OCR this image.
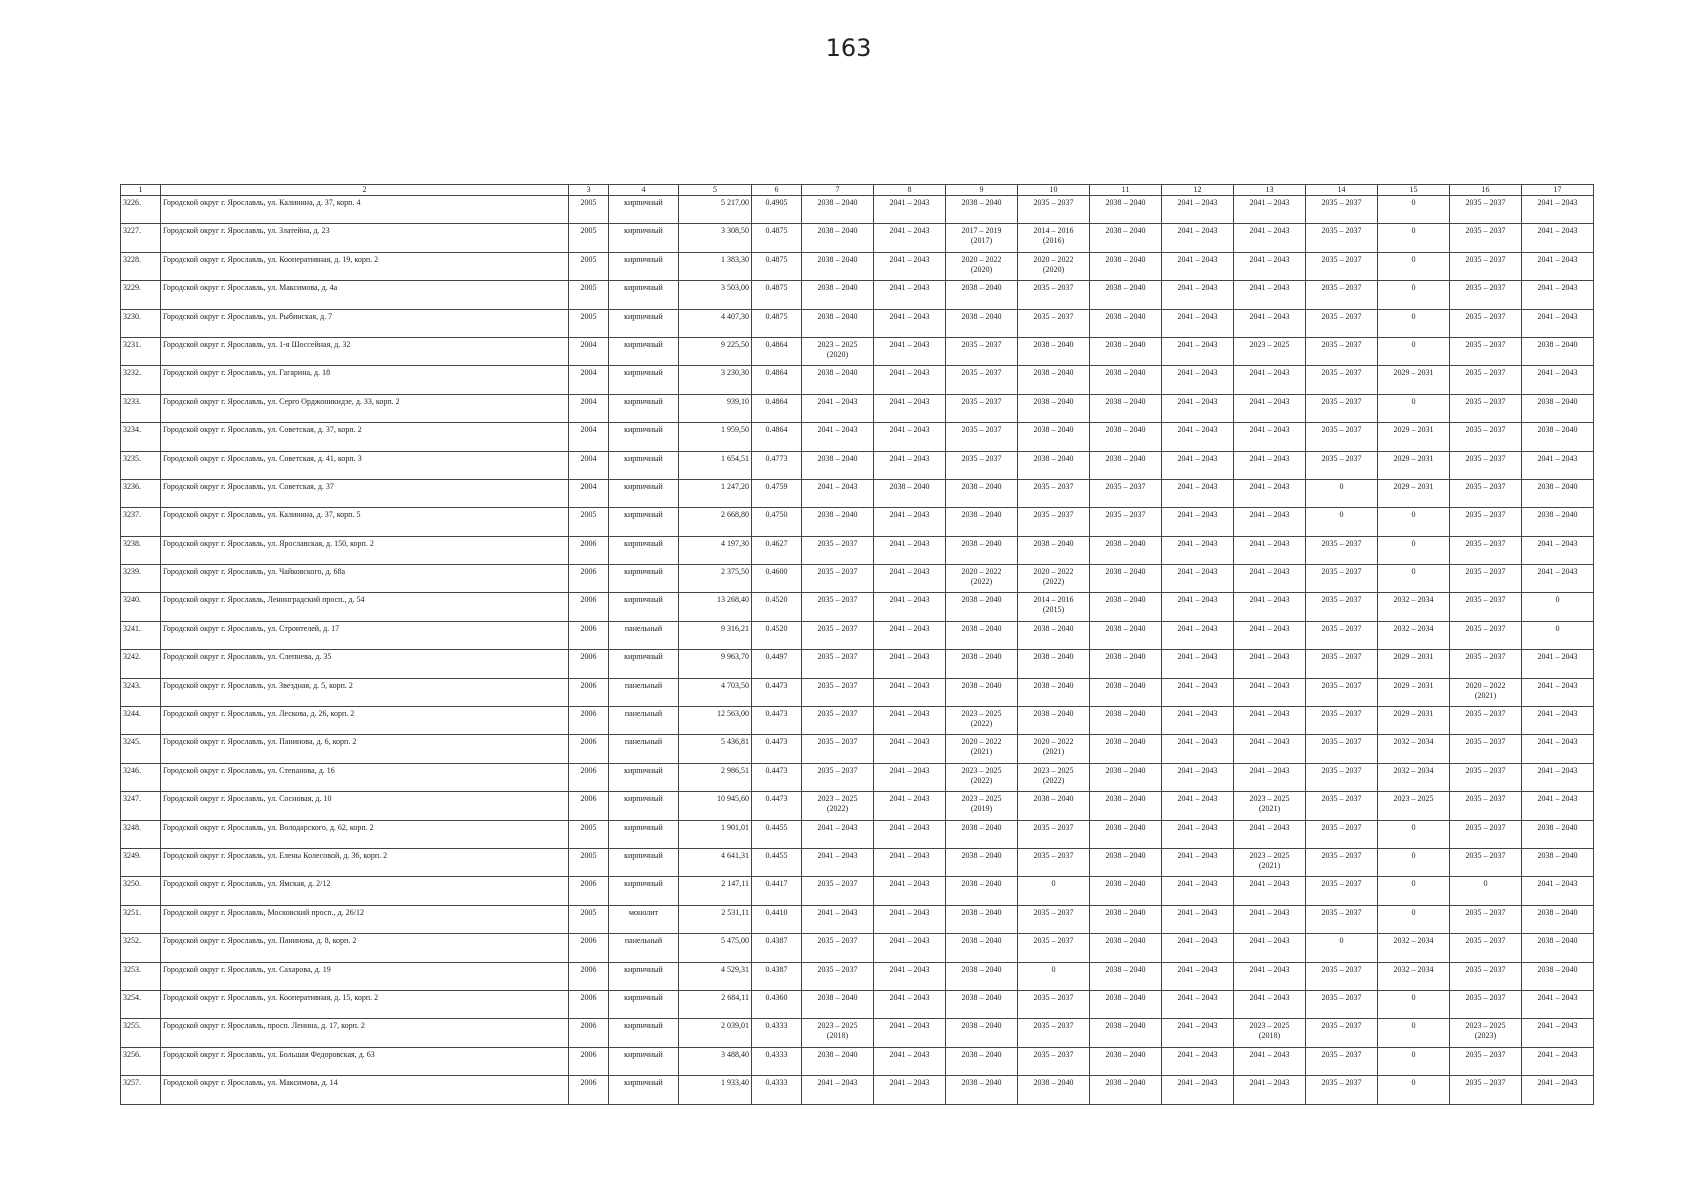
163
1	2	3	4	5	6	7	8	9	10	11	12	13	14	15	16	17
3226.	Городской округ г. Ярославль, ул. Калинина, д. 37, корп. 4	2005	кирпичный	5 217,00	0.4905	2038 – 2040	2041 – 2043	2038 – 2040	2035 – 2037	2038 – 2040	2041 – 2043	2041 – 2043	2035 – 2037	0	2035 – 2037	2041 – 2043
3227.	Городской округ г. Ярославль, ул. Златейна, д. 23	2005	кирпичный	3 308,50	0.4875	2038 – 2040	2041 – 2043	2017 – 2019
(2017)	2014 – 2016
(2016)	2038 – 2040	2041 – 2043	2041 – 2043	2035 – 2037	0	2035 – 2037	2041 – 2043
3228.	Городской округ г. Ярославль, ул. Кооперативная, д. 19, корп. 2	2005	кирпичный	1 383,30	0.4875	2038 – 2040	2041 – 2043	2020 – 2022
(2020)	2020 – 2022
(2020)	2038 – 2040	2041 – 2043	2041 – 2043	2035 – 2037	0	2035 – 2037	2041 – 2043
3229.	Городской округ г. Ярославль, ул. Максимова, д. 4а	2005	кирпичный	3 503,00	0.4875	2038 – 2040	2041 – 2043	2038 – 2040	2035 – 2037	2038 – 2040	2041 – 2043	2041 – 2043	2035 – 2037	0	2035 – 2037	2041 – 2043
3230.	Городской округ г. Ярославль, ул. Рыбинская, д. 7	2005	кирпичный	4 407,30	0.4875	2038 – 2040	2041 – 2043	2038 – 2040	2035 – 2037	2038 – 2040	2041 – 2043	2041 – 2043	2035 – 2037	0	2035 – 2037	2041 – 2043
3231.	Городской округ г. Ярославль, ул. 1-я Шоссейная, д. 32	2004	кирпичный	9 225,50	0.4864	2023 – 2025
(2020)	2041 – 2043	2035 – 2037	2038 – 2040	2038 – 2040	2041 – 2043	2023 – 2025	2035 – 2037	0	2035 – 2037	2038 – 2040
3232.	Городской округ г. Ярославль, ул. Гагарина, д. 18	2004	кирпичный	3 230,30	0.4864	2038 – 2040	2041 – 2043	2035 – 2037	2038 – 2040	2038 – 2040	2041 – 2043	2041 – 2043	2035 – 2037	2029 – 2031	2035 – 2037	2041 – 2043
3233.	Городской округ г. Ярославль, ул. Серго Орджоникидзе, д. 33, корп. 2	2004	кирпичный	939,10	0.4864	2041 – 2043	2041 – 2043	2035 – 2037	2038 – 2040	2038 – 2040	2041 – 2043	2041 – 2043	2035 – 2037	0	2035 – 2037	2038 – 2040
3234.	Городской округ г. Ярославль, ул. Советская, д. 37, корп. 2	2004	кирпичный	1 959,50	0.4864	2041 – 2043	2041 – 2043	2035 – 2037	2038 – 2040	2038 – 2040	2041 – 2043	2041 – 2043	2035 – 2037	2029 – 2031	2035 – 2037	2038 – 2040
3235.	Городской округ г. Ярославль, ул. Советская, д. 41, корп. 3	2004	кирпичный	1 654,51	0.4773	2038 – 2040	2041 – 2043	2035 – 2037	2038 – 2040	2038 – 2040	2041 – 2043	2041 – 2043	2035 – 2037	2029 – 2031	2035 – 2037	2041 – 2043
3236.	Городской округ г. Ярославль, ул. Советская, д. 37	2004	кирпичный	1 247,20	0.4759	2041 – 2043	2038 – 2040	2038 – 2040	2035 – 2037	2035 – 2037	2041 – 2043	2041 – 2043	0	2029 – 2031	2035 – 2037	2038 – 2040
3237.	Городской округ г. Ярославль, ул. Калинина, д. 37, корп. 5	2005	кирпичный	2 668,80	0.4750	2038 – 2040	2041 – 2043	2038 – 2040	2035 – 2037	2035 – 2037	2041 – 2043	2041 – 2043	0	0	2035 – 2037	2038 – 2040
3238.	Городской округ г. Ярославль, ул. Ярославская, д. 150, корп. 2	2006	кирпичный	4 197,30	0.4627	2035 – 2037	2041 – 2043	2038 – 2040	2038 – 2040	2038 – 2040	2041 – 2043	2041 – 2043	2035 – 2037	0	2035 – 2037	2041 – 2043
3239.	Городской округ г. Ярославль, ул. Чайковского, д. 68а	2006	кирпичный	2 375,50	0.4600	2035 – 2037	2041 – 2043	2020 – 2022
(2022)	2020 – 2022
(2022)	2038 – 2040	2041 – 2043	2041 – 2043	2035 – 2037	0	2035 – 2037	2041 – 2043
3240.	Городской округ г. Ярославль, Ленинградский просп., д. 54	2006	кирпичный	13 268,40	0.4520	2035 – 2037	2041 – 2043	2038 – 2040	2014 – 2016
(2015)	2038 – 2040	2041 – 2043	2041 – 2043	2035 – 2037	2032 – 2034	2035 – 2037	0
3241.	Городской округ г. Ярославль, ул. Строителей, д. 17	2006	панельный	9 316,21	0.4520	2035 – 2037	2041 – 2043	2038 – 2040	2038 – 2040	2038 – 2040	2041 – 2043	2041 – 2043	2035 – 2037	2032 – 2034	2035 – 2037	0
3242.	Городской округ г. Ярославль, ул. Слепнева, д. 35	2006	кирпичный	9 963,70	0.4497	2035 – 2037	2041 – 2043	2038 – 2040	2038 – 2040	2038 – 2040	2041 – 2043	2041 – 2043	2035 – 2037	2029 – 2031	2035 – 2037	2041 – 2043
3243.	Городской округ г. Ярославль, ул. Звездная, д. 5, корп. 2	2006	панельный	4 703,50	0.4473	2035 – 2037	2041 – 2043	2038 – 2040	2038 – 2040	2038 – 2040	2041 – 2043	2041 – 2043	2035 – 2037	2029 – 2031	2020 – 2022
(2021)	2041 – 2043
3244.	Городской округ г. Ярославль, ул. Лескова, д. 26, корп. 2	2006	панельный	12 563,00	0.4473	2035 – 2037	2041 – 2043	2023 – 2025
(2022)	2038 – 2040	2038 – 2040	2041 – 2043	2041 – 2043	2035 – 2037	2029 – 2031	2035 – 2037	2041 – 2043
3245.	Городской округ г. Ярославль, ул. Панинова, д. 6, корп. 2	2006	панельный	5 436,81	0.4473	2035 – 2037	2041 – 2043	2020 – 2022
(2021)	2020 – 2022
(2021)	2038 – 2040	2041 – 2043	2041 – 2043	2035 – 2037	2032 – 2034	2035 – 2037	2041 – 2043
3246.	Городской округ г. Ярославль, ул. Степанова, д. 16	2006	кирпичный	2 986,51	0.4473	2035 – 2037	2041 – 2043	2023 – 2025
(2022)	2023 – 2025
(2022)	2038 – 2040	2041 – 2043	2041 – 2043	2035 – 2037	2032 – 2034	2035 – 2037	2041 – 2043
3247.	Городской округ г. Ярославль, ул. Сосновая, д. 10	2006	кирпичный	10 945,60	0.4473	2023 – 2025
(2022)	2041 – 2043	2023 – 2025
(2019)	2038 – 2040	2038 – 2040	2041 – 2043	2023 – 2025
(2021)	2035 – 2037	2023 – 2025	2035 – 2037	2041 – 2043
3248.	Городской округ г. Ярославль, ул. Володарского, д. 62, корп. 2	2005	кирпичный	1 901,01	0.4455	2041 – 2043	2041 – 2043	2038 – 2040	2035 – 2037	2038 – 2040	2041 – 2043	2041 – 2043	2035 – 2037	0	2035 – 2037	2038 – 2040
3249.	Городской округ г. Ярославль, ул. Елены Колесовой, д. 36, корп. 2	2005	кирпичный	4 641,31	0.4455	2041 – 2043	2041 – 2043	2038 – 2040	2035 – 2037	2038 – 2040	2041 – 2043	2023 – 2025
(2021)	2035 – 2037	0	2035 – 2037	2038 – 2040
3250.	Городской округ г. Ярославль, ул. Ямская, д. 2/12	2006	кирпичный	2 147,11	0.4417	2035 – 2037	2041 – 2043	2038 – 2040	0	2038 – 2040	2041 – 2043	2041 – 2043	2035 – 2037	0	0	2041 – 2043
3251.	Городской округ г. Ярославль, Московский просп., д. 26/12	2005	монолит	2 531,11	0.4410	2041 – 2043	2041 – 2043	2038 – 2040	2035 – 2037	2038 – 2040	2041 – 2043	2041 – 2043	2035 – 2037	0	2035 – 2037	2038 – 2040
3252.	Городской округ г. Ярославль, ул. Панинова, д. 8, корп. 2	2006	панельный	5 475,00	0.4387	2035 – 2037	2041 – 2043	2038 – 2040	2035 – 2037	2038 – 2040	2041 – 2043	2041 – 2043	0	2032 – 2034	2035 – 2037	2038 – 2040
3253.	Городской округ г. Ярославль, ул. Сахарова, д. 19	2006	кирпичный	4 529,31	0.4387	2035 – 2037	2041 – 2043	2038 – 2040	0	2038 – 2040	2041 – 2043	2041 – 2043	2035 – 2037	2032 – 2034	2035 – 2037	2038 – 2040
3254.	Городской округ г. Ярославль, ул. Кооперативная, д. 15, корп. 2	2006	кирпичный	2 684,11	0.4360	2038 – 2040	2041 – 2043	2038 – 2040	2035 – 2037	2038 – 2040	2041 – 2043	2041 – 2043	2035 – 2037	0	2035 – 2037	2041 – 2043
3255.	Городской округ г. Ярославль, просп. Ленина, д. 17, корп. 2	2006	кирпичный	2 039,01	0.4333	2023 – 2025
(2018)	2041 – 2043	2038 – 2040	2035 – 2037	2038 – 2040	2041 – 2043	2023 – 2025
(2018)	2035 – 2037	0	2023 – 2025
(2023)	2041 – 2043
3256.	Городской округ г. Ярославль, ул. Большая Федоровская, д. 63	2006	кирпичный	3 488,40	0.4333	2038 – 2040	2041 – 2043	2038 – 2040	2035 – 2037	2038 – 2040	2041 – 2043	2041 – 2043	2035 – 2037	0	2035 – 2037	2041 – 2043
3257.	Городской округ г. Ярославль, ул. Максимова, д. 14	2006	кирпичный	1 933,40	0.4333	2041 – 2043	2041 – 2043	2038 – 2040	2038 – 2040	2038 – 2040	2041 – 2043	2041 – 2043	2035 – 2037	0	2035 – 2037	2041 – 2043
